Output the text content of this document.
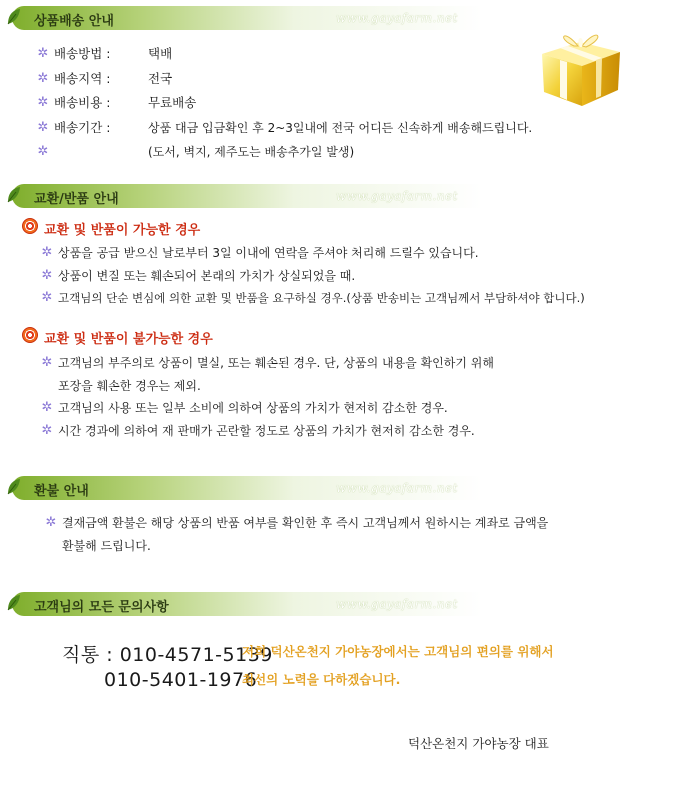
상품배송 안내	www.gayafarm.net
✲ 배송방법 :	택배
✲ 배송지역 :	전국
✲ 배송비용 :	무료배송
✲ 배송기간 :	상품 대금 입금확인 후 2~3일내에 전국 어디든 신속하게 배송해드립니다.
✲	(도서, 벽지, 제주도는 배송추가일 발생)
교환/반품 안내	www.gayafarm.net
교환 및 반품이 가능한 경우
✲ 상품을 공급 받으신 날로부터 3일 이내에 연락을 주셔야 처리해 드릴수 있습니다.
✲ 상품이 변질 또는 훼손되어 본래의 가치가 상실되었을 때.
✲ 고객님의 단순 변심에 의한 교환 및 반품을 요구하실 경우.(상품 반송비는 고객님께서 부담하셔야 합니다.)
교환 및 반품이 불가능한 경우
✲ 고객님의 부주의로 상품이 멸실, 또는 훼손된 경우. 단, 상품의 내용을 확인하기 위해
포장을 훼손한 경우는 제외.
✲ 고객님의 사용 또는 일부 소비에 의하여 상품의 가치가 현저히 감소한 경우.
✲ 시간 경과에 의하여 재 판매가 곤란할 정도로 상품의 가치가 현저히 감소한 경우.
환불 안내	www.gayafarm.net
✲ 결재금액 환불은 해당 상품의 반품 여부를 확인한 후 즉시 고객님께서 원하시는 계좌로 금액을
환불해 드립니다.
고객님의 모든 문의사항	www.gayafarm.net
직통 : 010-4571-5139
010-5401-1976
저희 덕산온천지 가야농장에서는 고객님의 편의를 위해서
최선의 노력을 다하겠습니다.
덕산온천지 가야농장 대표
